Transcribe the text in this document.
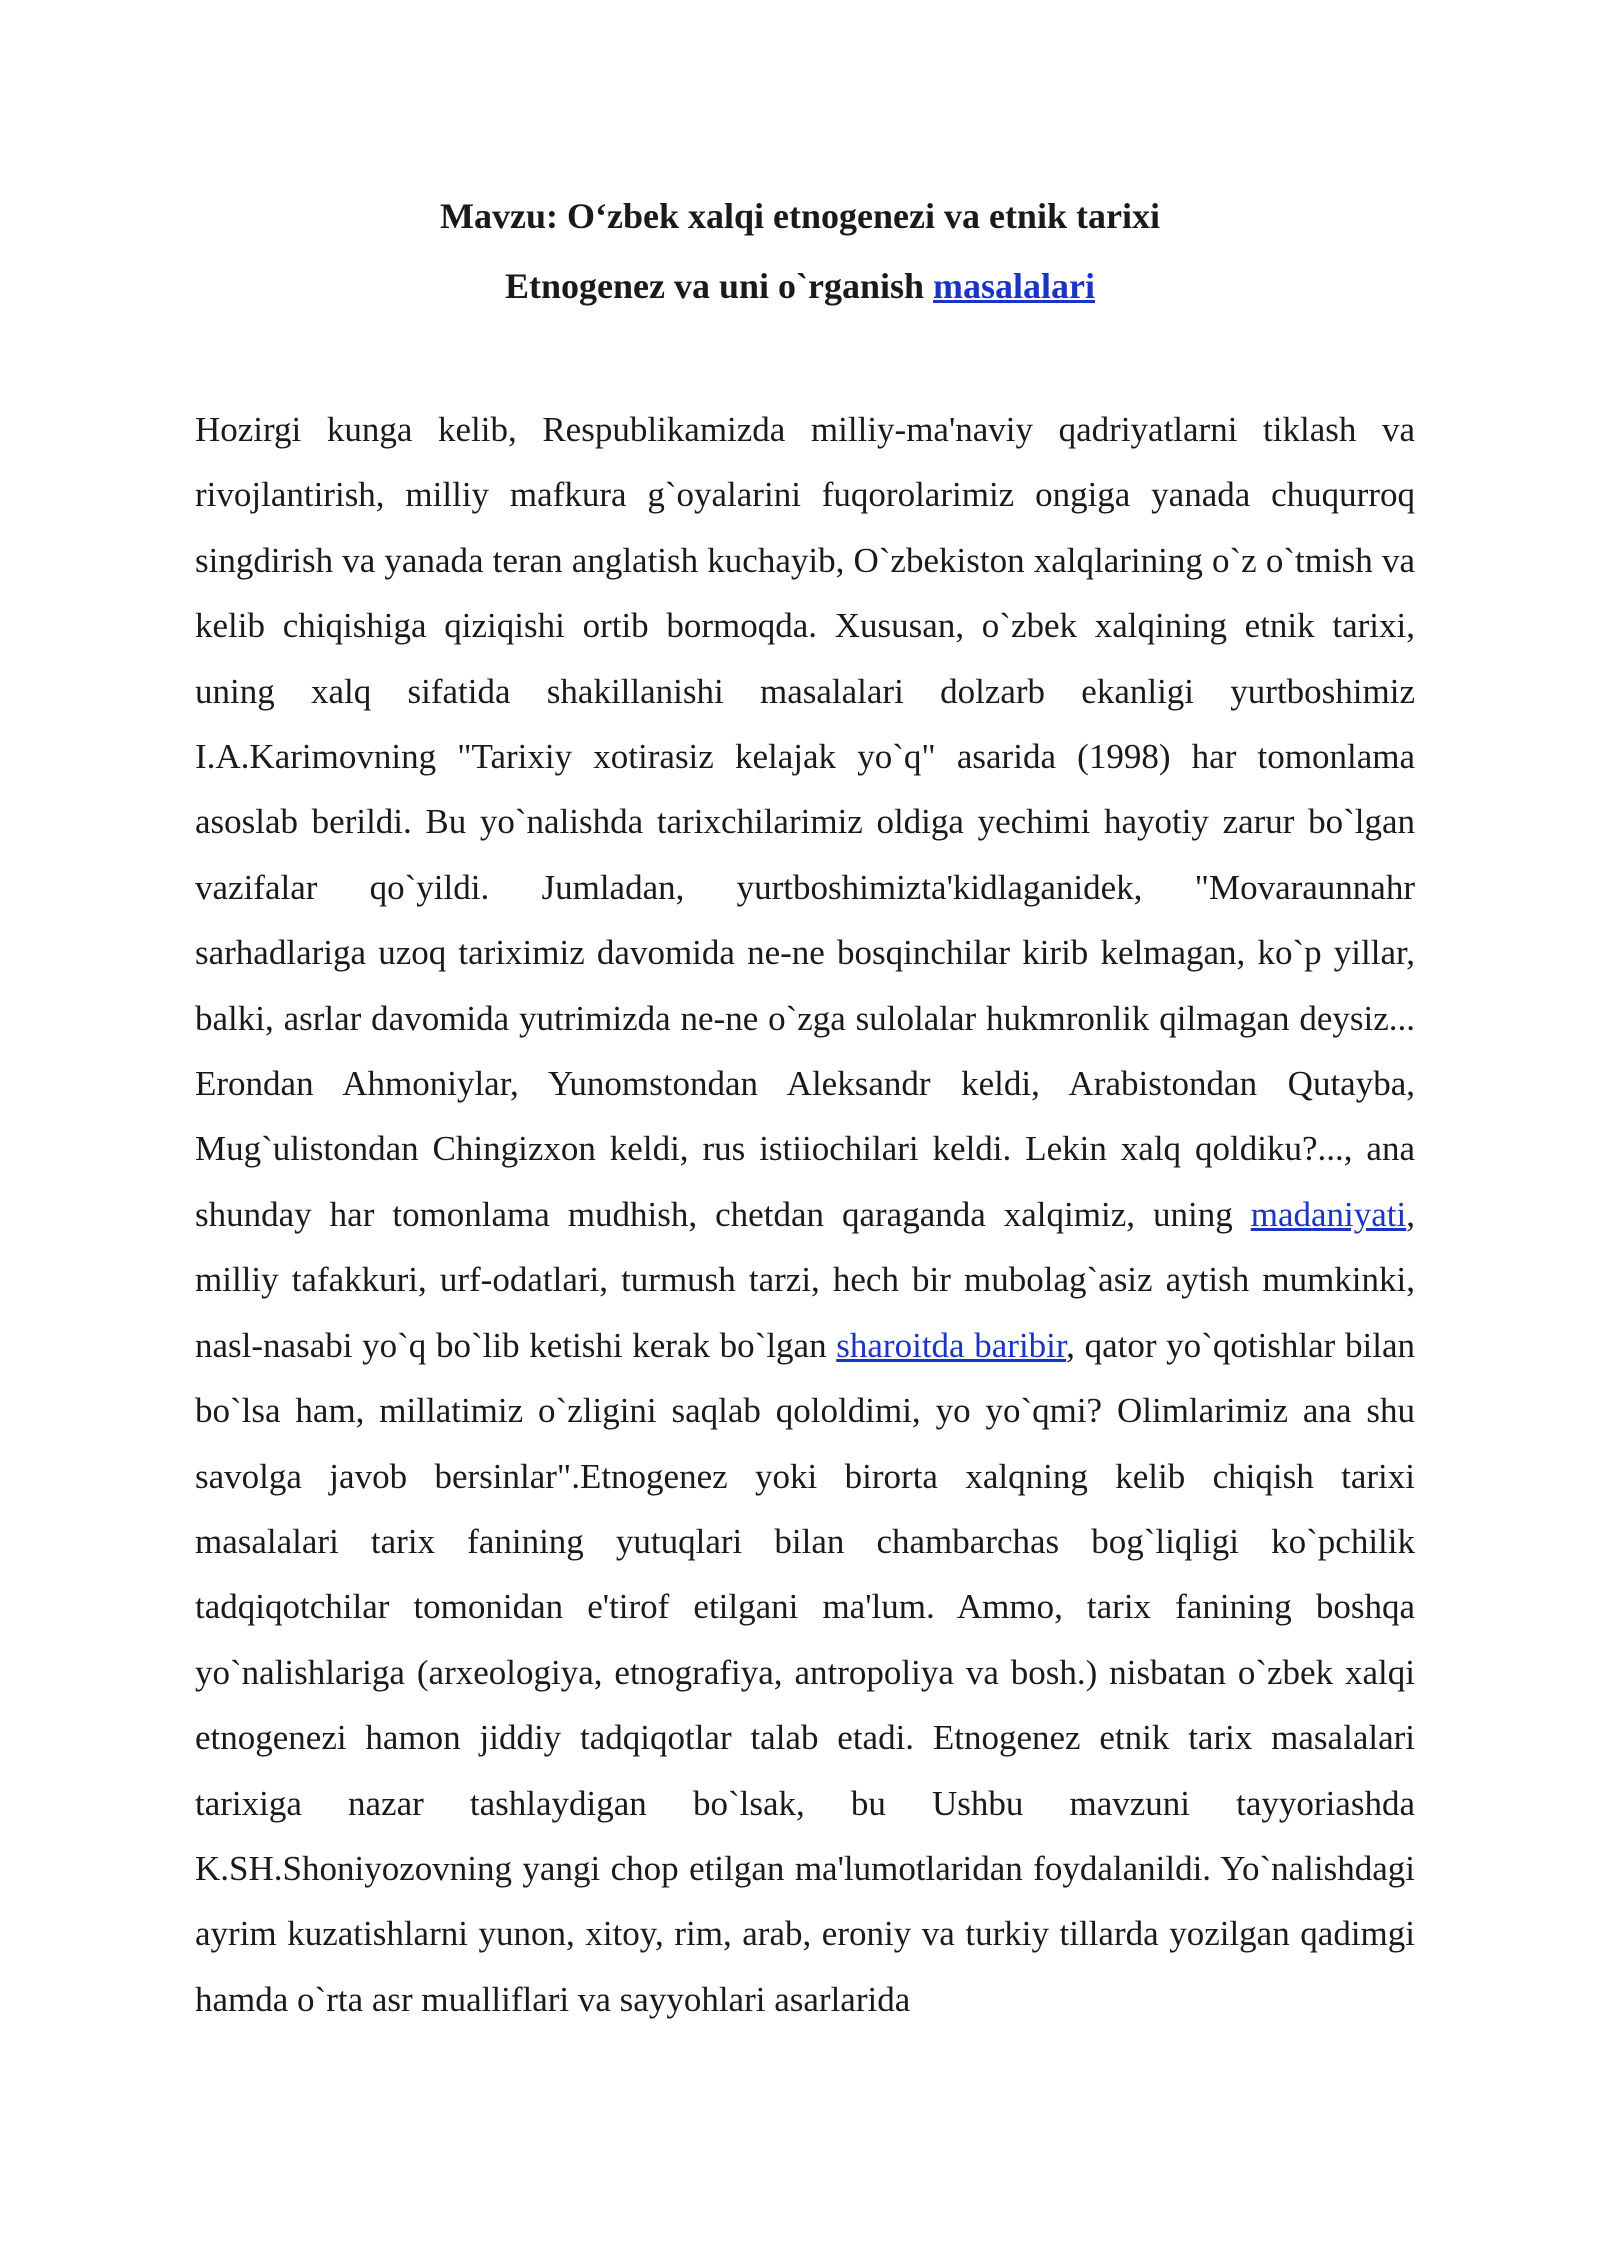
Mavzu: O‘zbek xalqi etnogenezi va etnik tarixi
Etnogenez va uni o`rganish masalalari

Hozirgi kunga kelib, Respublikamizda milliy-ma'naviy qadriyatlarni tiklash va rivojlantirish, milliy mafkura g`oyalarini fuqorolarimiz ongiga yanada chuqurroq singdirish va yanada teran anglatish kuchayib, O`zbekiston xalqlarining o`z o`tmish va kelib chiqishiga qiziqishi ortib bormoqda. Xususan, o`zbek xalqining etnik tarixi, uning xalq sifatida shakillanishi masalalari dolzarb ekanligi yurtboshimiz I.A.Karimovning "Tarixiy xotirasiz kelajak yo`q" asarida (1998) har tomonlama asoslab berildi. Bu yo`nalishda tarixchilarimiz oldiga yechimi hayotiy zarur bo`lgan vazifalar qo`yildi. Jumladan, yurtboshimizta'kidlaganidek, "Movaraunnahr sarhadlariga uzoq tariximiz davomida ne-ne bosqinchilar kirib kelmagan, ko`p yillar, balki, asrlar davomida yutrimizda ne-ne o`zga sulolalar hukmronlik qilmagan deysiz... Erondan Ahmoniylar, Yunomstondan Aleksandr keldi, Arabistondan Qutayba, Mug`ulistondan Chingizxon keldi, rus istiiochilari keldi. Lekin xalq qoldiku?..., ana shunday har tomonlama mudhish, chetdan qaraganda xalqimiz, uning madaniyati, milliy tafakkuri, urf-odatlari, turmush tarzi, hech bir mubolag`asiz aytish mumkinki, nasl-nasabi yo`q bo`lib ketishi kerak bo`lgan sharoitda baribir, qator yo`qotishlar bilan bo`lsa ham, millatimiz o`zligini saqlab qololdimi, yo yo`qmi? Olimlarimiz ana shu savolga javob bersinlar".Etnogenez yoki birorta xalqning kelib chiqish tarixi masalalari tarix fanining yutuqlari bilan chambarchas bog`liqligi ko`pchilik tadqiqotchilar tomonidan e'tirof etilgani ma'lum. Ammo, tarix fanining boshqa yo`nalishlariga (arxeologiya, etnografiya, antropoliya va bosh.) nisbatan o`zbek xalqi etnogenezi hamon jiddiy tadqiqotlar talab etadi. Etnogenez etnik tarix masalalari tarixiga nazar tashlaydigan bo`lsak, bu Ushbu mavzuni tayyoriashda K.SH.Shoniyozovning yangi chop etilgan ma'lumotlaridan foydalanildi. Yo`nalishdagi ayrim kuzatishlarni yunon, xitoy, rim, arab, eroniy va turkiy tillarda yozilgan qadimgi hamda o`rta asr mualliflari va sayyohlari asarlarida
